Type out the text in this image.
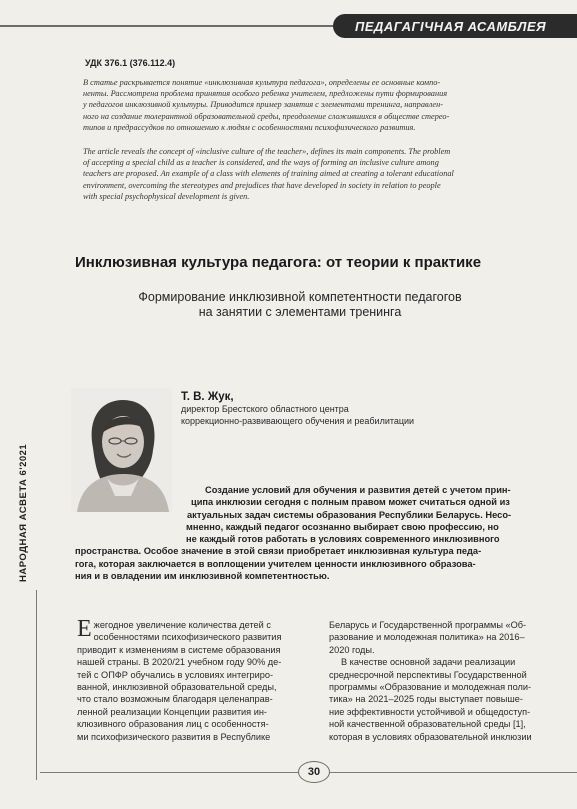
ПЕДАГАГІЧНАЯ АСАМБЛЕЯ
УДК 376.1 (376.112.4)
В статье раскрывается понятие «инклюзивная культура педагога», определены ее основные компо-
ненты. Рассмотрена проблема принятия особого ребенка учителем, предложены пути формирования
у педагогов инклюзивной культуры. Приводится пример занятия с элементами тренинга, направлен-
ного на создание толерантной образовательной среды, преодоление сложившихся в обществе стерео-
типов и предрассудков по отношению к людям с особенностями психофизического развития.
The article reveals the concept of «inclusive culture of the teacher», defines its main components. The problem
of accepting a special child as a teacher is considered, and the ways of forming an inclusive culture among
teachers are proposed. An example of a class with elements of training aimed at creating a tolerant educational
environment, overcoming the stereotypes and prejudices that have developed in society in relation to people
with special psychophysical development is given.
Инклюзивная культура педагога: от теории к практике
Формирование инклюзивной компетентности педагогов
на занятии с элементами тренинга
Т. В. Жук,
директор Брестского областного центра
коррекционно-развивающего обучения и реабилитации
Создание условий для обучения и развития детей с учетом прин-
ципа инклюзии сегодня с полным правом может считаться одной из
актуальных задач системы образования Республики Беларусь. Несо-
мненно, каждый педагог осознанно выбирает свою профессию, но
не каждый готов работать в условиях современного инклюзивного
пространства. Особое значение в этой связи приобретает инклюзивная культура педа-
гога, которая заключается в воплощении учителем ценности инклюзивного образова-
ния и в овладении им инклюзивной компетентностью.
Е жегодное увеличение количества детей с
особенностями психофизического развития
приводит к изменениям в системе образования
нашей страны. В 2020/21 учебном году 90% де-
тей с ОПФР обучались в условиях интегриро-
ванной, инклюзивной образовательной среды,
что стало возможным благодаря целенаправ-
ленной реализации Концепции развития ин-
клюзивного образования лиц с особенностя-
ми психофизического развития в Республике
Беларусь и Государственной программы «Об-
разование и молодежная политика» на 2016–
2020 годы.
В качестве основной задачи реализации
среднесрочной перспективы Государственной
программы «Образование и молодежная поли-
тика» на 2021–2025 годы выступает повыше-
ние эффективности устойчивой и общедоступ-
ной качественной образовательной среды [1],
которая в условиях образовательной инклюзии
НАРОДНАЯ АСВЕТА 6'2021
30
